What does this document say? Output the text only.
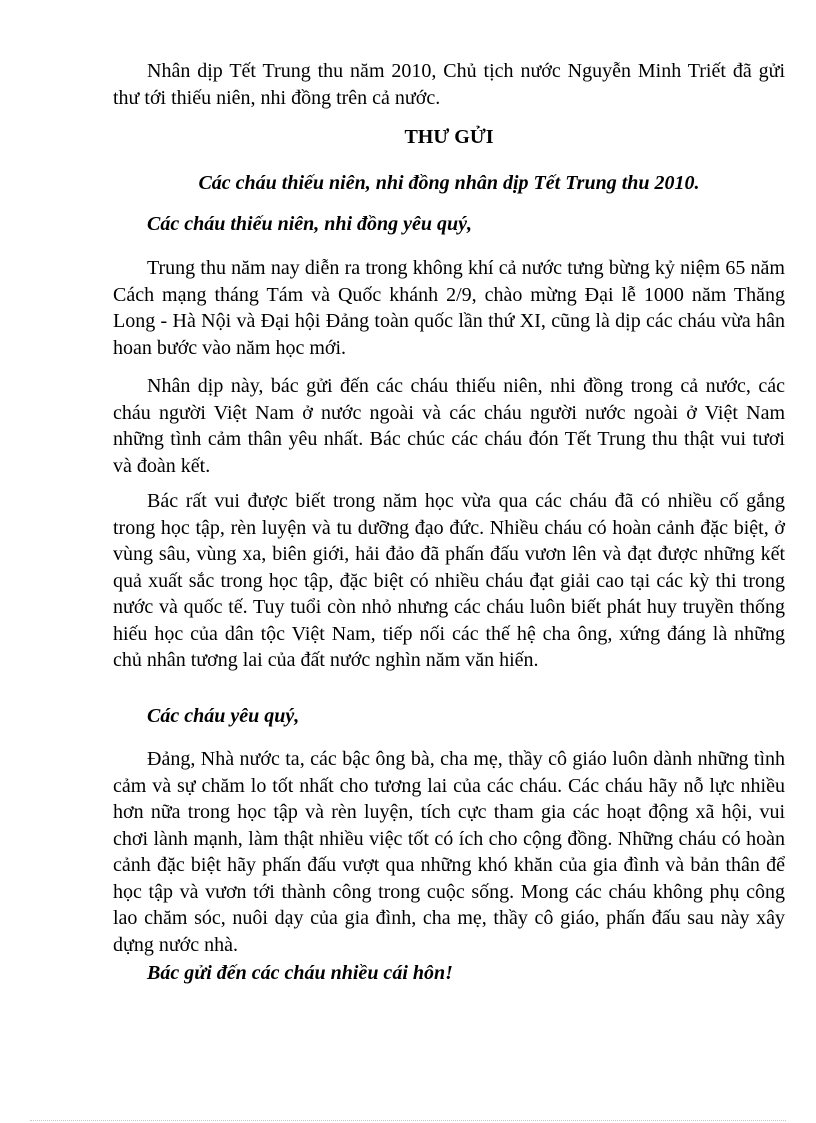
Nhân dịp Tết Trung thu năm 2010, Chủ tịch nước Nguyễn Minh Triết đã gửi thư tới thiếu niên, nhi đồng trên cả nước.

THƯ GỬI

Các cháu thiếu niên, nhi đồng nhân dịp Tết Trung thu 2010.

Các cháu thiếu niên, nhi đồng yêu quý,

Trung thu năm nay diễn ra trong không khí cả nước tưng bừng kỷ niệm 65 năm Cách mạng tháng Tám và Quốc khánh 2/9, chào mừng Đại lễ 1000 năm Thăng Long - Hà Nội và Đại hội Đảng toàn quốc lần thứ XI, cũng là dịp các cháu vừa hân hoan bước vào năm học mới.

Nhân dịp này, bác gửi đến các cháu thiếu niên, nhi đồng trong cả nước, các cháu người Việt Nam ở nước ngoài và các cháu người nước ngoài ở Việt Nam những tình cảm thân yêu nhất. Bác chúc các cháu đón Tết Trung thu thật vui tươi và đoàn kết.

Bác rất vui được biết trong năm học vừa qua các cháu đã có nhiều cố gắng trong học tập, rèn luyện và tu dưỡng đạo đức. Nhiều cháu có hoàn cảnh đặc biệt, ở vùng sâu, vùng xa, biên giới, hải đảo đã phấn đấu vươn lên và đạt được những kết quả xuất sắc trong học tập, đặc biệt có nhiều cháu đạt giải cao tại các kỳ thi trong nước và quốc tế. Tuy tuổi còn nhỏ nhưng các cháu luôn biết phát huy truyền thống hiếu học của dân tộc Việt Nam, tiếp nối các thế hệ cha ông, xứng đáng là những chủ nhân tương lai của đất nước nghìn năm văn hiến.

Các cháu yêu quý,

Đảng, Nhà nước ta, các bậc ông bà, cha mẹ, thầy cô giáo luôn dành những tình cảm và sự chăm lo tốt nhất cho tương lai của các cháu. Các cháu hãy nỗ lực nhiều hơn nữa trong học tập và rèn luyện, tích cực tham gia các hoạt động xã hội, vui chơi lành mạnh, làm thật nhiều việc tốt có ích cho cộng đồng. Những cháu có hoàn cảnh đặc biệt hãy phấn đấu vượt qua những khó khăn của gia đình và bản thân để học tập và vươn tới thành công trong cuộc sống. Mong các cháu không phụ công lao chăm sóc, nuôi dạy của gia đình, cha mẹ, thầy cô giáo, phấn đấu sau này xây dựng nước nhà.

Bác gửi đến các cháu nhiều cái hôn!
